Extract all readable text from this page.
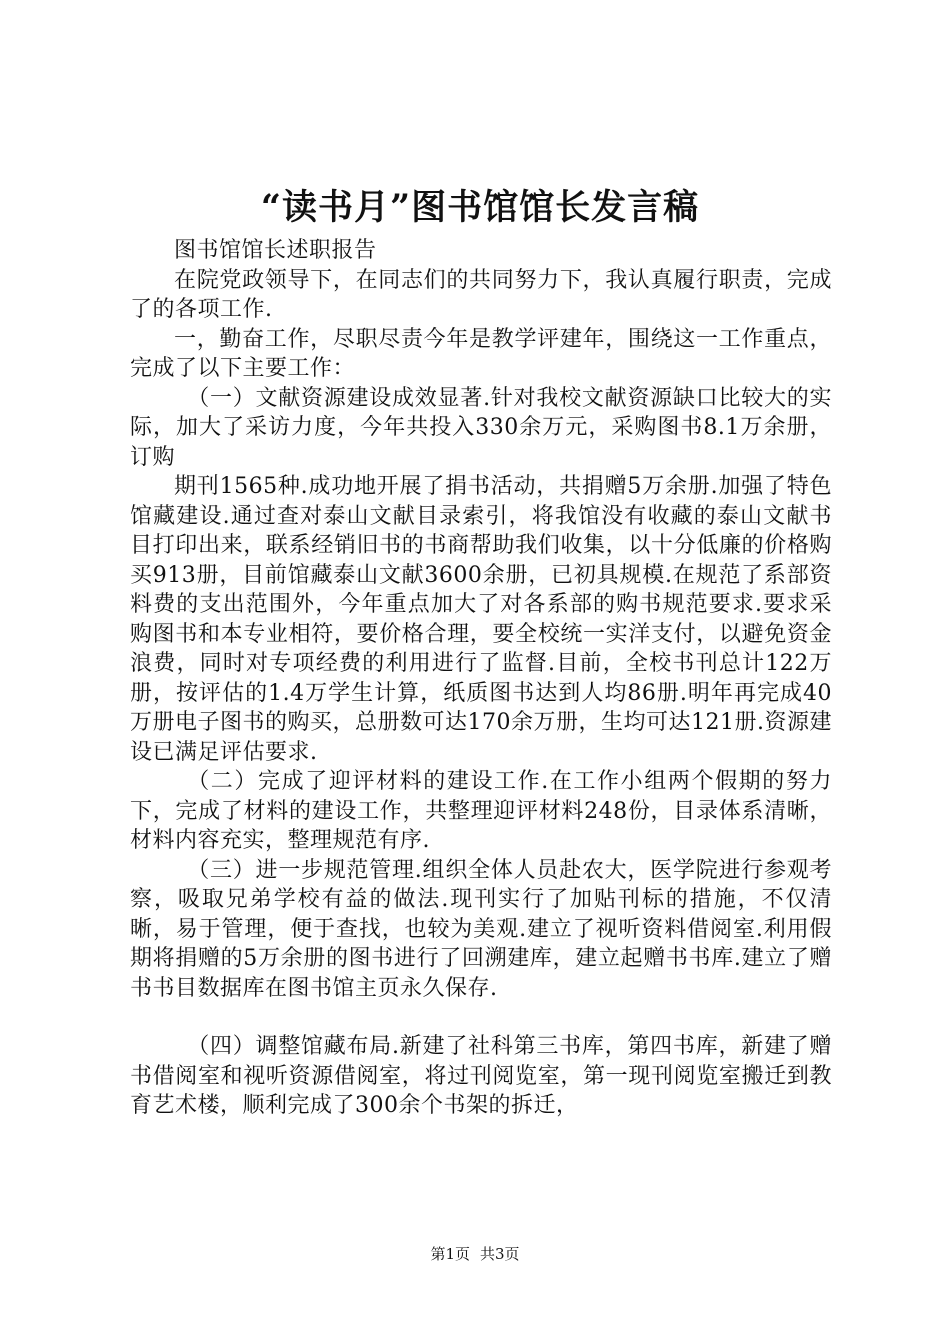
“读书月”图书馆馆长发言稿

图书馆馆长述职报告

在院党政领导下，在同志们的共同努力下，我认真履行职责，完成了的各项工作.

一，勤奋工作，尽职尽责今年是教学评建年，围绕这一工作重点，完成了以下主要工作：

（一）文献资源建设成效显著.针对我校文献资源缺口比较大的实际，加大了采访力度，今年共投入330余万元，采购图书8.1万余册，订购

期刊1565种.成功地开展了捐书活动，共捐赠5万余册.加强了特色馆藏建设.通过查对泰山文献目录索引，将我馆没有收藏的泰山文献书目打印出来，联系经销旧书的书商帮助我们收集，以十分低廉的价格购买913册，目前馆藏泰山文献3600余册，已初具规模.在规范了系部资料费的支出范围外，今年重点加大了对各系部的购书规范要求.要求采购图书和本专业相符，要价格合理，要全校统一实洋支付，以避免资金浪费，同时对专项经费的利用进行了监督.目前，全校书刊总计122万册，按评估的1.4万学生计算，纸质图书达到人均86册.明年再完成40万册电子图书的购买，总册数可达170余万册，生均可达121册.资源建设已满足评估要求.

（二）完成了迎评材料的建设工作.在工作小组两个假期的努力下，完成了材料的建设工作，共整理迎评材料248份，目录体系清晰，材料内容充实，整理规范有序.

（三）进一步规范管理.组织全体人员赴农大，医学院进行参观考察，吸取兄弟学校有益的做法.现刊实行了加贴刊标的措施，不仅清晰，易于管理，便于查找，也较为美观.建立了视听资料借阅室.利用假期将捐赠的5万余册的图书进行了回溯建库，建立起赠书书库.建立了赠书书目数据库在图书馆主页永久保存.

（四）调整馆藏布局.新建了社科第三书库，第四书库，新建了赠书借阅室和视听资源借阅室，将过刊阅览室，第一现刊阅览室搬迁到教育艺术楼，顺利完成了300余个书架的拆迁，

第1页 共3页
